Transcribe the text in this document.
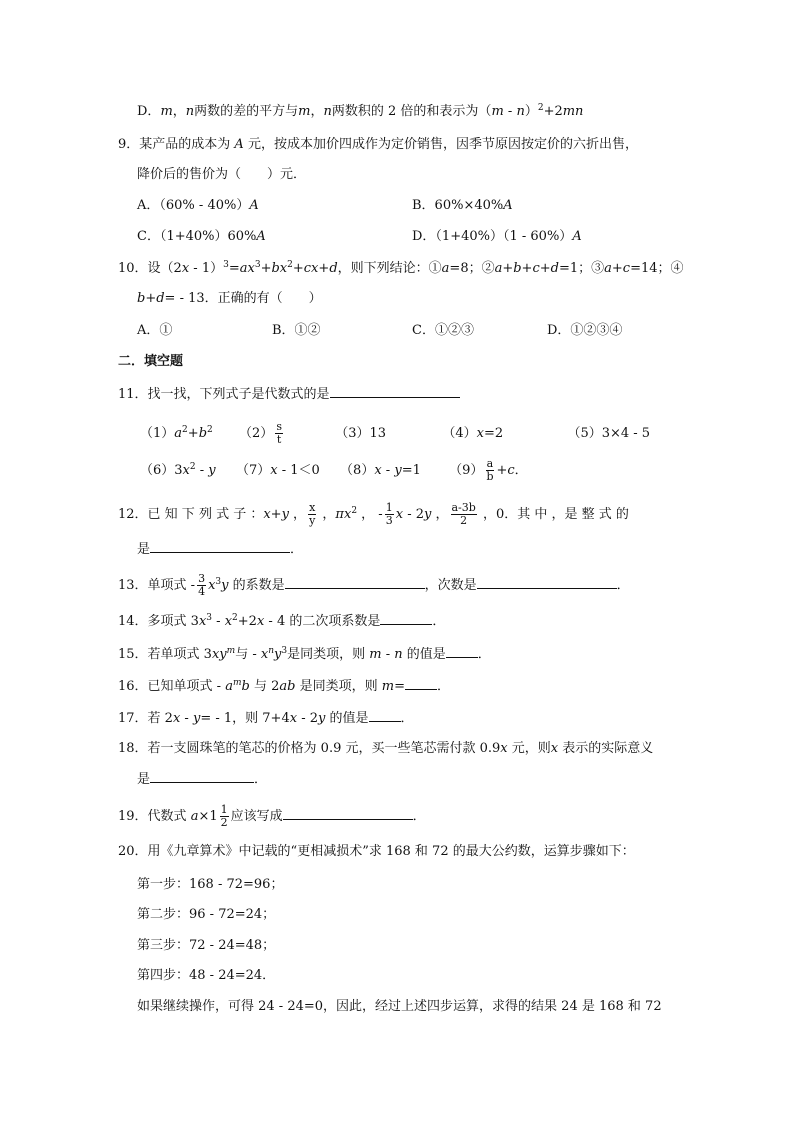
D．m，n两数的差的平方与m，n两数积的 2 倍的和表示为（m - n）$^2$+2mn
9．某产品的成本为 A 元，按成本加价四成作为定价销售，因季节原因按定价的六折出售，
降价后的售价为（　　）元．
A．（60% - 40%）A	B．60%×40%A
C．（1+40%）60%A	D．（1+40%）（1 - 60%）A
10．设$(2x - 1)^3=ax^3+bx^2+cx+d$，则下列结论：①a=8；②a+b+c+d=1；③a+c=14；④
b+d= - 13．正确的有（　　）
A．①	B．①②	C．①②③	D．①②③④
二．填空题
11．找一找，下列式子是代数式的是
$(1)a^2+b^2$ $(2) \frac{s}{t}$	（3）13	（4）x=2	（5）3×4 - 5
$(6)3x^2$ - y （7）x - 1＜0 （8）x - y=1 $(9) \frac{a}{b} +c$．
12．已 知 下 列 式 子 ：x+y ， $\frac{x}{y}$ ，$\pi x^2$ ， - $\frac{1}{3}$ x - 2y ， $\frac{a-3b}{2}$ ，0．其 中 ，是 整 式 的
是	．
13．单项式 - $\frac{3}{4} x^3y$ 的系数是	，次数是	．
14．多项式 $3x^3 - x^2+2x - 4$ 的二次项系数是	．
15．若单项式 $3xy^m$与 - $x^ny^3$是同类项，则 m - n 的值是 ．
16．已知单项式 - $a^mb$ 与 2ab 是同类项，则 m= ．
17．若 2x - y= - 1，则 7+4x - 2y 的值是 ．
18．若一支圆珠笔的笔芯的价格为 0.9 元，买一些笔芯需付款 0.9x 元，则x 表示的实际意义
是	．
19．代数式 $a\times 1 \frac{1}{2}$ 应该写成	．
20．用《九章算术》中记载的“更相减损术”求 168 和 72 的最大公约数，运算步骤如下：
第一步：168 - 72=96；
第二步：96 - 72=24；
第三步：72 - 24=48；
第四步：48 - 24=24．
如果继续操作，可得 24 - 24=0，因此，经过上述四步运算，求得的结果 24 是 168 和 72
